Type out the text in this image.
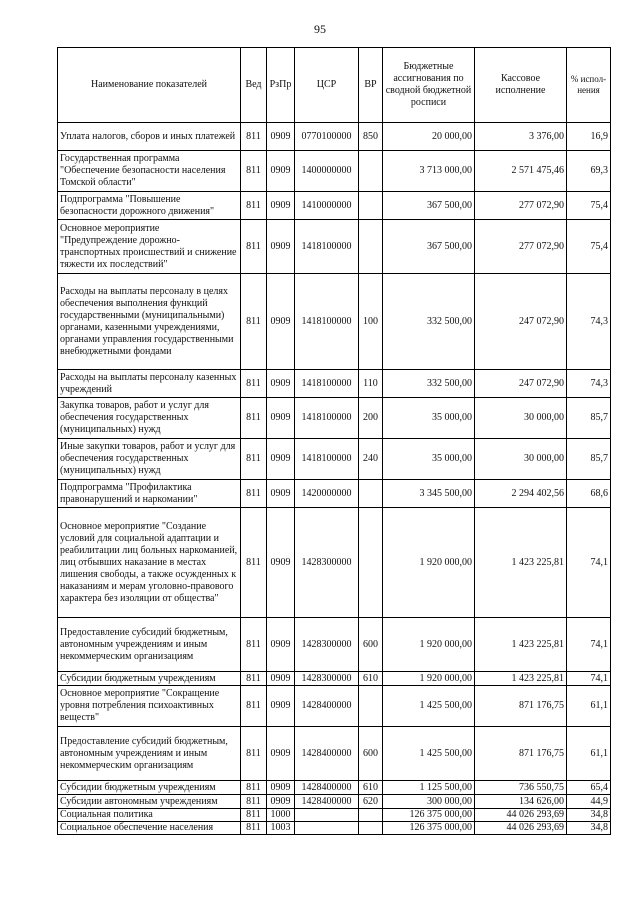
95
Наименование показателей	Вед	РзПр	ЦСР	ВР	Бюджетные ассигнования по сводной бюджетной росписи	Кассовое исполнение	% испол-нения
Уплата налогов, сборов и иных платежей	811	0909	0770100000	850	20 000,00	3 376,00	16,9
Государственная программа "Обеспечение безопасности населения Томской области"	811	0909	1400000000		3 713 000,00	2 571 475,46	69,3
Подпрограмма "Повышение безопасности дорожного движения"	811	0909	1410000000		367 500,00	277 072,90	75,4
Основное мероприятие "Предупреждение дорожно-транспортных происшествий и снижение тяжести их последствий"	811	0909	1418100000		367 500,00	277 072,90	75,4
Расходы на выплаты персоналу в целях обеспечения выполнения функций государственными (муниципальными) органами, казенными учреждениями, органами управления государственными внебюджетными фондами	811	0909	1418100000	100	332 500,00	247 072,90	74,3
Расходы на выплаты персоналу казенных учреждений	811	0909	1418100000	110	332 500,00	247 072,90	74,3
Закупка товаров, работ и услуг для обеспечения государственных (муниципальных) нужд	811	0909	1418100000	200	35 000,00	30 000,00	85,7
Иные закупки товаров, работ и услуг для обеспечения государственных (муниципальных) нужд	811	0909	1418100000	240	35 000,00	30 000,00	85,7
Подпрограмма "Профилактика правонарушений и наркомании"	811	0909	1420000000		3 345 500,00	2 294 402,56	68,6
Основное мероприятие "Создание условий для социальной адаптации и реабилитации лиц больных наркоманией, лиц отбывших наказание в местах лишения свободы, а также осужденных к наказаниям и мерам уголовно-правового характера без изоляции от общества"	811	0909	1428300000		1 920 000,00	1 423 225,81	74,1
Предоставление субсидий бюджетным, автономным учреждениям и иным некоммерческим организациям	811	0909	1428300000	600	1 920 000,00	1 423 225,81	74,1
Субсидии бюджетным учреждениям	811	0909	1428300000	610	1 920 000,00	1 423 225,81	74,1
Основное мероприятие "Сокращение уровня потребления психоактивных веществ"	811	0909	1428400000		1 425 500,00	871 176,75	61,1
Предоставление субсидий бюджетным, автономным учреждениям и иным некоммерческим организациям	811	0909	1428400000	600	1 425 500,00	871 176,75	61,1
Субсидии бюджетным учреждениям	811	0909	1428400000	610	1 125 500,00	736 550,75	65,4
Субсидии автономным учреждениям	811	0909	1428400000	620	300 000,00	134 626,00	44,9
Социальная политика	811	1000			126 375 000,00	44 026 293,69	34,8
Социальное обеспечение населения	811	1003			126 375 000,00	44 026 293,69	34,8
